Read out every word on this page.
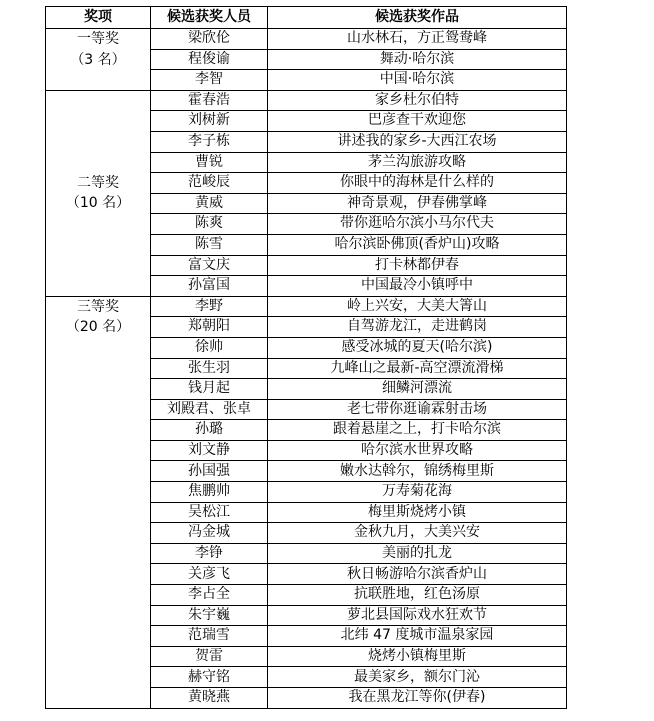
奖项	候选获奖人员	候选获奖作品

一等奖
（3 名）	梁欣伦	山水林石，方正鸳鸯峰
	程俊谕	舞动·哈尔滨
	李智	中国·哈尔滨

二等奖
（10 名）	霍春浩	家乡杜尔伯特
	刘树新	巴彦查干欢迎您
	李子栋	讲述我的家乡-大西江农场
	曹锐	茅兰沟旅游攻略
	范峻辰	你眼中的海林是什么样的
	黄威	神奇景观，伊春佛掌峰
	陈爽	带你逛哈尔滨小马尔代夫
	陈雪	哈尔滨卧佛顶(香炉山)攻略
	富文庆	打卡林都伊春
	孙富国	中国最冷小镇呼中

三等奖
（20 名）	李野	岭上兴安，大美大箐山
	郑朝阳	自驾游龙江，走进鹤岗
	徐帅	感受冰城的夏天(哈尔滨)
	张生羽	九峰山之最新-高空漂流滑梯
	钱月起	细鳞河漂流
	刘殿君、张卓	老七带你逛谕霖射击场
	孙璐	跟着悬崖之上，打卡哈尔滨
	刘文静	哈尔滨水世界攻略
	孙国强	嫩水达斡尔，锦绣梅里斯
	焦鹏帅	万寿菊花海
	吴松江	梅里斯烧烤小镇
	冯金城	金秋九月，大美兴安
	李铮	美丽的扎龙
	关彦飞	秋日畅游哈尔滨香炉山
	李占全	抗联胜地，红色汤原
	朱宇巍	萝北县国际戏水狂欢节
	范瑞雪	北纬 47 度城市温泉家园
	贺雷	烧烤小镇梅里斯
	赫守铭	最美家乡，额尔门沁
	黄晓燕	我在黑龙江等你(伊春)
